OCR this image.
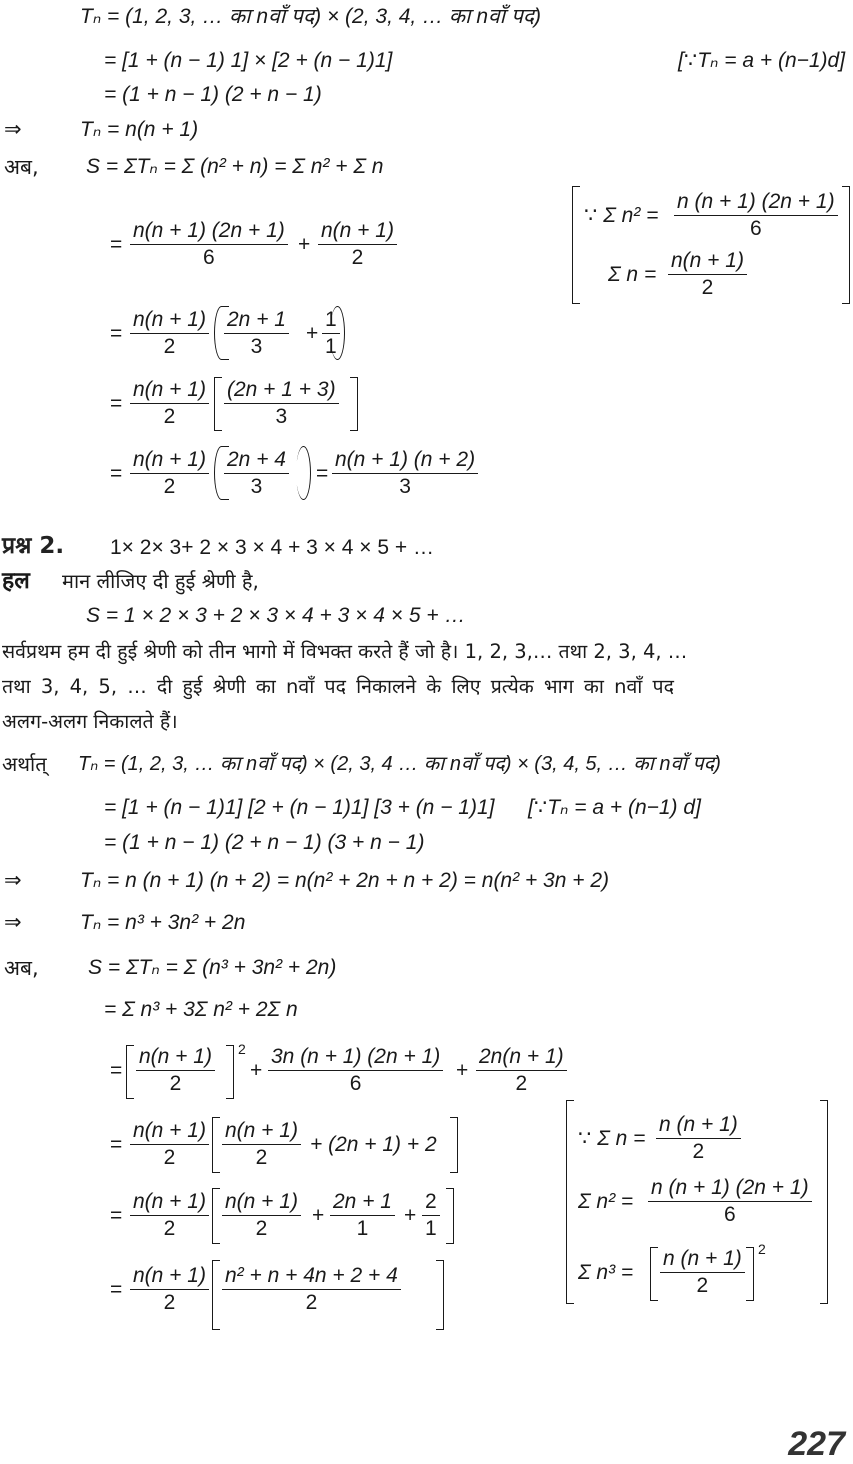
Tₙ = (1, 2, 3, … का nवाँ पद) × (2, 3, 4, … का nवाँ पद)
= [1 + (n − 1) 1] × [2 + (n − 1)1]	[∵Tₙ = a + (n−1)d]
= (1 + n − 1) (2 + n − 1)
⇒	Tₙ = n(n + 1)
अब, S = ΣTₙ = Σ (n² + n) = Σ n² + Σ n
= $\frac{n(n + 1) (2n + 1)}{6} + \frac{n(n + 1)}{2}$
∵ Σ $n^2 = \frac{n (n + 1) (2n + 1)}{6}$
Σ $n = \frac{n(n + 1)}{2}$
= $\frac{n(n + 1)}{2} \frac{2n + 1}{3} + \frac{1}{1}$
= $\frac{n(n + 1)}{2} \frac{(2n + 1 + 3)}{3}$
= $\frac{n(n + 1)}{2} \frac{2n + 4}{3} = \frac{n(n + 1) (n + 2)}{3}$
प्रश्न 2. 1× 2× 3+ 2 × 3 × 4 + 3 × 4 × 5 + …
हल मान लीजिए दी हुई श्रेणी है,
S = 1 × 2 × 3 + 2 × 3 × 4 + 3 × 4 × 5 + …
सर्वप्रथम हम दी हुई श्रेणी को तीन भागो में विभक्त करते हैं जो है। 1, 2, 3,… तथा 2, 3, 4, …
तथा 3, 4, 5, … दी हुई श्रेणी का nवाँ पद निकालने के लिए प्रत्येक भाग का nवाँ पद
अलग-अलग निकालते हैं।
अर्थात् Tₙ = (1, 2, 3, … का nवाँ पद) × (2, 3, 4 … का nवाँ पद) × (3, 4, 5, … का nवाँ पद)
= [1 + (n − 1)1] [2 + (n − 1)1] [3 + (n − 1)1] [∵Tₙ = a + (n−1) d]
= (1 + n − 1) (2 + n − 1) (3 + n − 1)
⇒	Tₙ = n (n + 1) (n + 2) = n(n² + 2n + n + 2) = n(n² + 3n + 2)
⇒	Tₙ = n³ + 3n² + 2n
अब, S = ΣTₙ = Σ (n³ + 3n² + 2n)
= Σ n³ + 3Σ n² + 2Σ n
= $\frac{n(n + 1)}{2} 2$
+ $\frac{3n (n + 1) (2n + 1)}{6} + \frac{2n(n + 1)}{2}$
= $\frac{n(n + 1)}{2} \frac{n(n + 1)}{2} + (2n + 1) + 2$
= $\frac{n(n + 1)}{2} \frac{n(n + 1)}{2} + \frac{2n + 1}{1} + \frac{2}{1}$
= $\frac{n(n + 1)}{2} \frac{\text{n² + n + 4n + 2 + 4}}{2}$
∵ Σ $n = \frac{n (n + 1)}{2}$
Σ $n^2 = \frac{n (n + 1) (2n + 1)}{6}$
Σ $n^3 = \frac{n (n + 1)}{2} 2$
227
